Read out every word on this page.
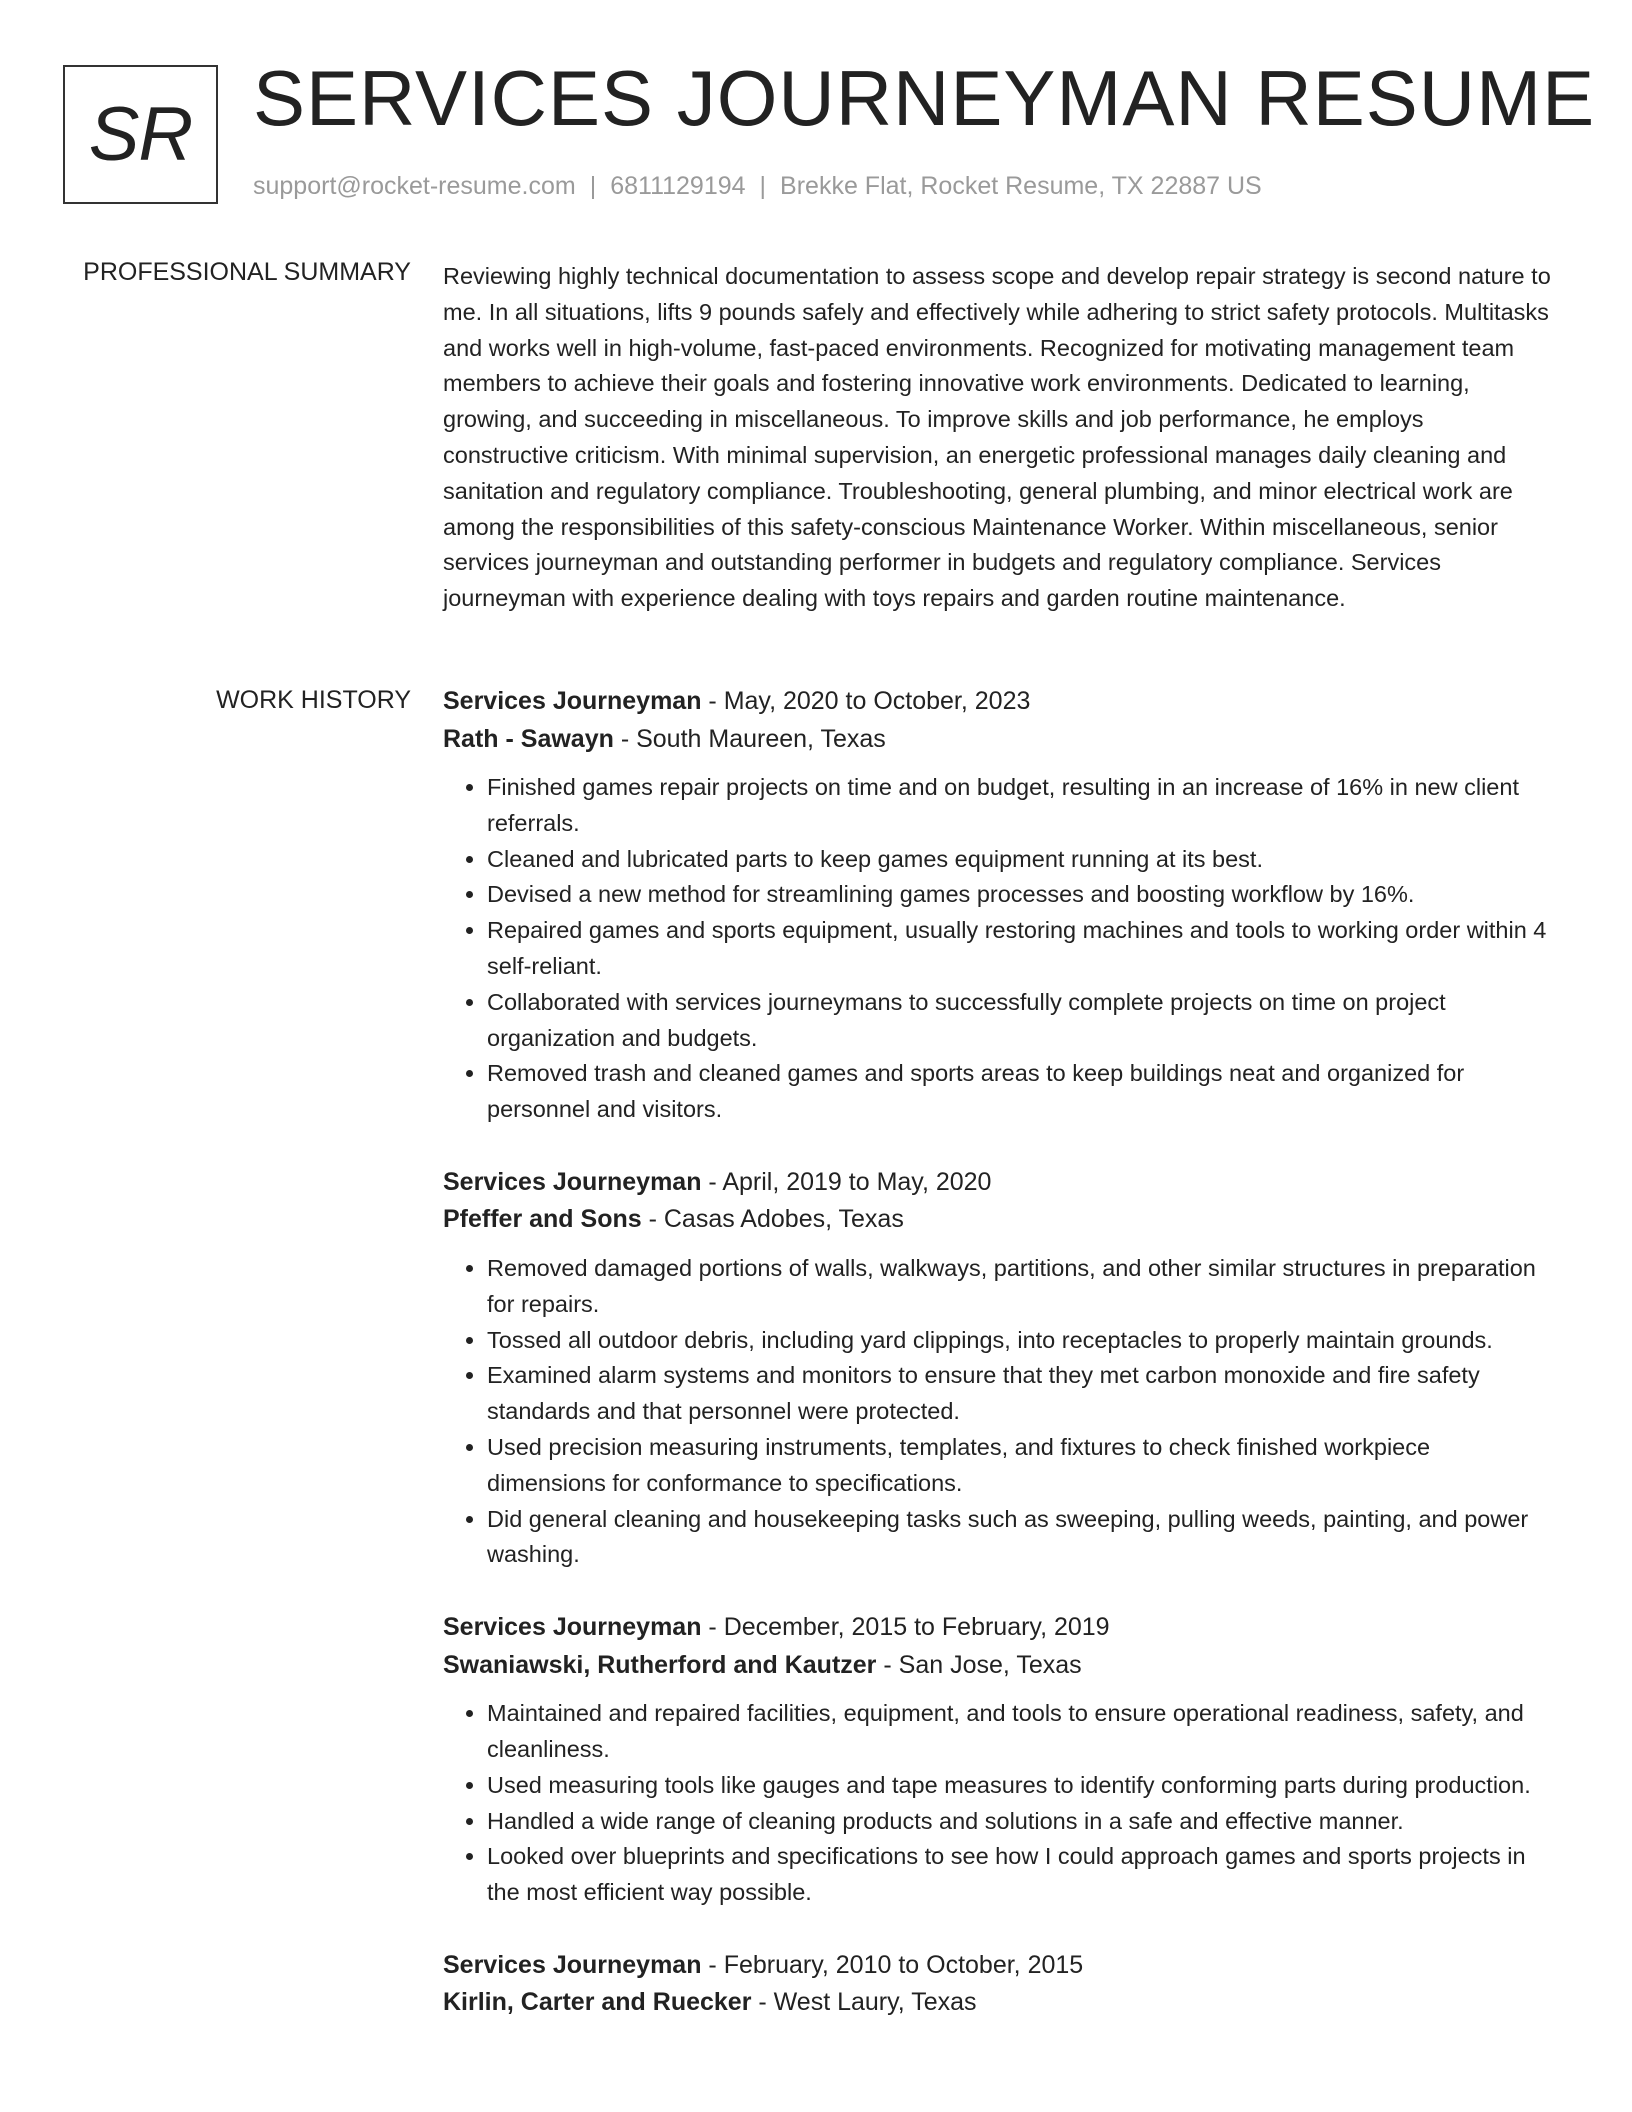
SR SERVICES JOURNEYMAN RESUME
support@rocket-resume.com | 6811129194 | Brekke Flat, Rocket Resume, TX 22887 US
PROFESSIONAL SUMMARY Reviewing highly technical documentation to assess scope and develop repair strategy is second nature to me. In all situations, lifts 9 pounds safely and effectively while adhering to strict safety protocols. Multitasks and works well in high-volume, fast-paced environments. Recognized for motivating management team members to achieve their goals and fostering innovative work environments. Dedicated to learning, growing, and succeeding in miscellaneous. To improve skills and job performance, he employs constructive criticism. With minimal supervision, an energetic professional manages daily cleaning and sanitation and regulatory compliance. Troubleshooting, general plumbing, and minor electrical work are among the responsibilities of this safety-conscious Maintenance Worker. Within miscellaneous, senior services journeyman and outstanding performer in budgets and regulatory compliance. Services journeyman with experience dealing with toys repairs and garden routine maintenance.

WORK HISTORY Services Journeyman - May, 2020 to October, 2023
Rath - Sawayn - South Maureen, Texas
• Finished games repair projects on time and on budget, resulting in an increase of 16% in new client referrals.
• Cleaned and lubricated parts to keep games equipment running at its best.
• Devised a new method for streamlining games processes and boosting workflow by 16%.
• Repaired games and sports equipment, usually restoring machines and tools to working order within 4 self-reliant.
• Collaborated with services journeymans to successfully complete projects on time on project organization and budgets.
• Removed trash and cleaned games and sports areas to keep buildings neat and organized for personnel and visitors.
Services Journeyman - April, 2019 to May, 2020
Pfeffer and Sons - Casas Adobes, Texas
• Removed damaged portions of walls, walkways, partitions, and other similar structures in preparation for repairs.
• Tossed all outdoor debris, including yard clippings, into receptacles to properly maintain grounds.
• Examined alarm systems and monitors to ensure that they met carbon monoxide and fire safety standards and that personnel were protected.
• Used precision measuring instruments, templates, and fixtures to check finished workpiece dimensions for conformance to specifications.
• Did general cleaning and housekeeping tasks such as sweeping, pulling weeds, painting, and power washing.
Services Journeyman - December, 2015 to February, 2019
Swaniawski, Rutherford and Kautzer - San Jose, Texas
• Maintained and repaired facilities, equipment, and tools to ensure operational readiness, safety, and cleanliness.
• Used measuring tools like gauges and tape measures to identify conforming parts during production.
• Handled a wide range of cleaning products and solutions in a safe and effective manner.
• Looked over blueprints and specifications to see how I could approach games and sports projects in the most efficient way possible.
Services Journeyman - February, 2010 to October, 2015
Kirlin, Carter and Ruecker - West Laury, Texas
